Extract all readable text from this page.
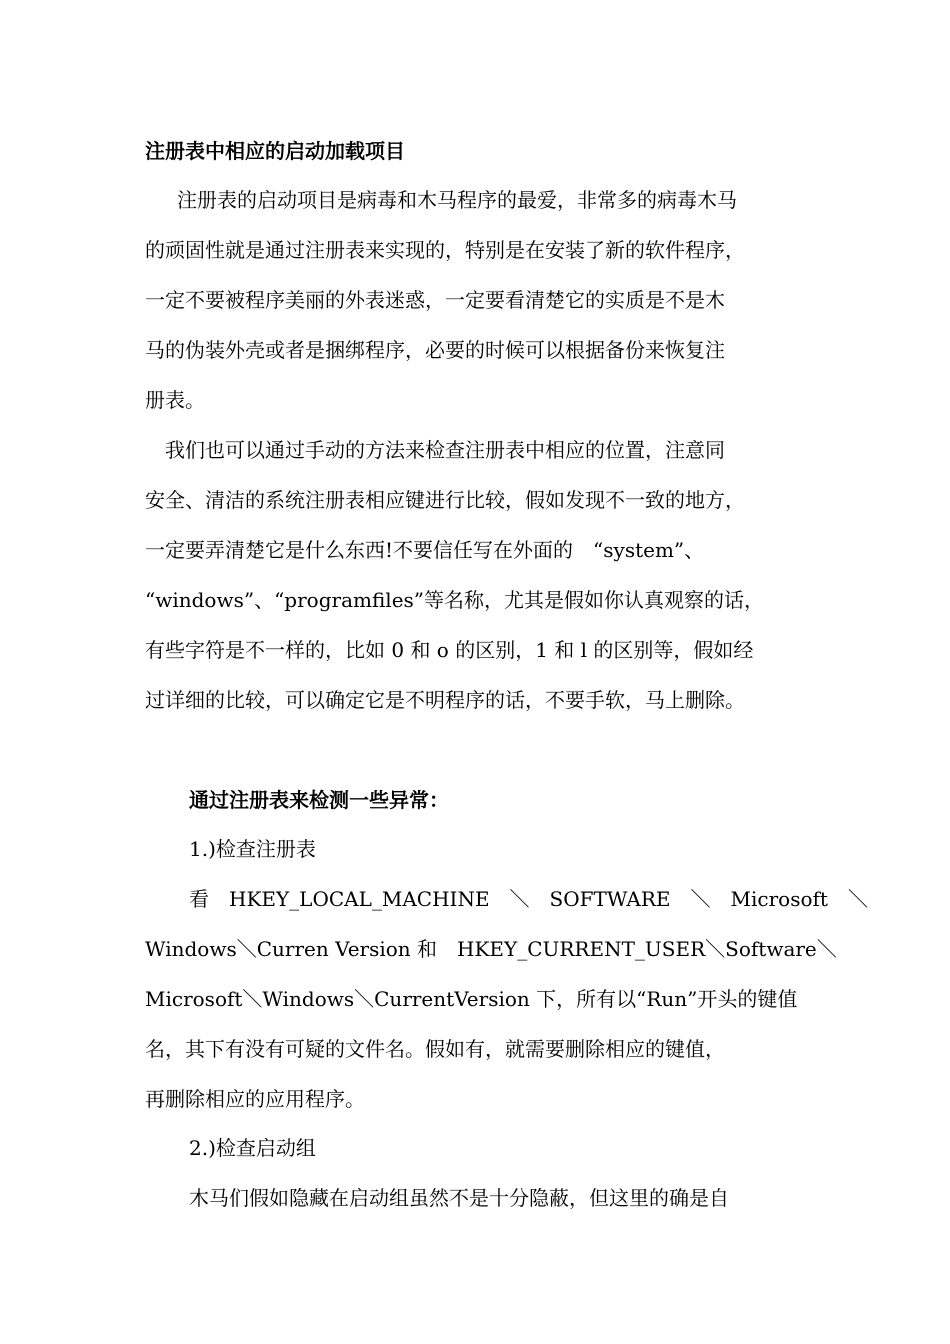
注册表中相应的启动加载项目
注册表的启动项目是病毒和木马程序的最爱，非常多的病毒木马
的顽固性就是通过注册表来实现的，特别是在安装了新的软件程序，
一定不要被程序美丽的外表迷惑，一定要看清楚它的实质是不是木
马的伪装外壳或者是捆绑程序，必要的时候可以根据备份来恢复注
册表。
我们也可以通过手动的方法来检查注册表中相应的位置，注意同
安全、清洁的系统注册表相应键进行比较，假如发现不一致的地方，
一定要弄清楚它是什么东西!不要信任写在外面的　“system”、
“windows”、“programfiles”等名称，尤其是假如你认真观察的话，
有些字符是不一样的，比如 0 和 o 的区别，1 和 l 的区别等，假如经
过详细的比较，可以确定它是不明程序的话，不要手软，马上删除。
通过注册表来检测一些异常：
1.)检查注册表
看　HKEY_LOCAL_MACHINE　＼　SOFTWARE　＼　Microsoft　＼
Windows＼Curren Version 和　HKEY_CURRENT_USER＼Software＼
Microsoft＼Windows＼CurrentVersion 下，所有以“Run”开头的键值
名，其下有没有可疑的文件名。假如有，就需要删除相应的键值，
再删除相应的应用程序。
2.)检查启动组
木马们假如隐藏在启动组虽然不是十分隐蔽，但这里的确是自
